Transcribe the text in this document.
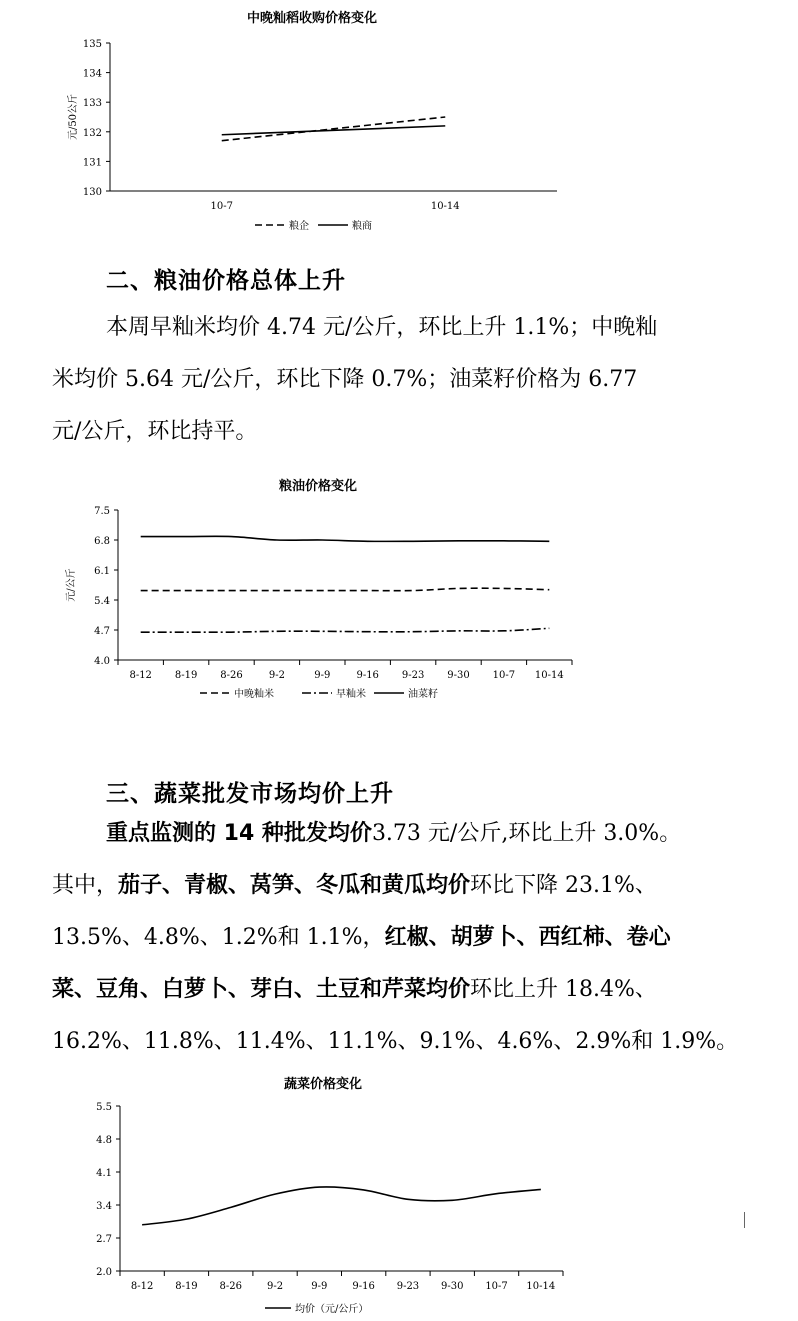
中晚籼稻收购价格变化
130
131
132
133
134
135
10-7	10-14
元/50公斤
粮企	粮商
二、粮油价格总体上升
本周早籼米均价 4.74 元/公斤，环比上升 1.1%；中晚籼
米均价 5.64 元/公斤，环比下降 0.7%；油菜籽价格为 6.77
元/公斤，环比持平。
粮油价格变化
4.0
4.7
5.4
6.1
6.8
7.5
8-12 8-19 8-26	9-2	9-9	9-16 9-23 9-30 10-7 10-14
元/公斤
中晚籼米	早籼米	油菜籽
三、蔬菜批发市场均价上升
重点监测的 14 种批发均价3.73 元/公斤,环比上升 3.0%。
其中，茄子、青椒、莴笋、冬瓜和黄瓜均价环比下降 23.1%、
13.5%、4.8%、1.2%和 1.1%，红椒、胡萝卜、西红柿、卷心
菜、豆角、白萝卜、芽白、土豆和芹菜均价环比上升 18.4%、
16.2%、11.8%、11.4%、11.1%、9.1%、4.6%、2.9%和 1.9%。
蔬菜价格变化
2.0
2.7
3.4
4.1
4.8
5.5
8-12 8-19 8-26	9-2	9-9	9-16 9-23 9-30 10-7 10-14
均价（元/公斤）
